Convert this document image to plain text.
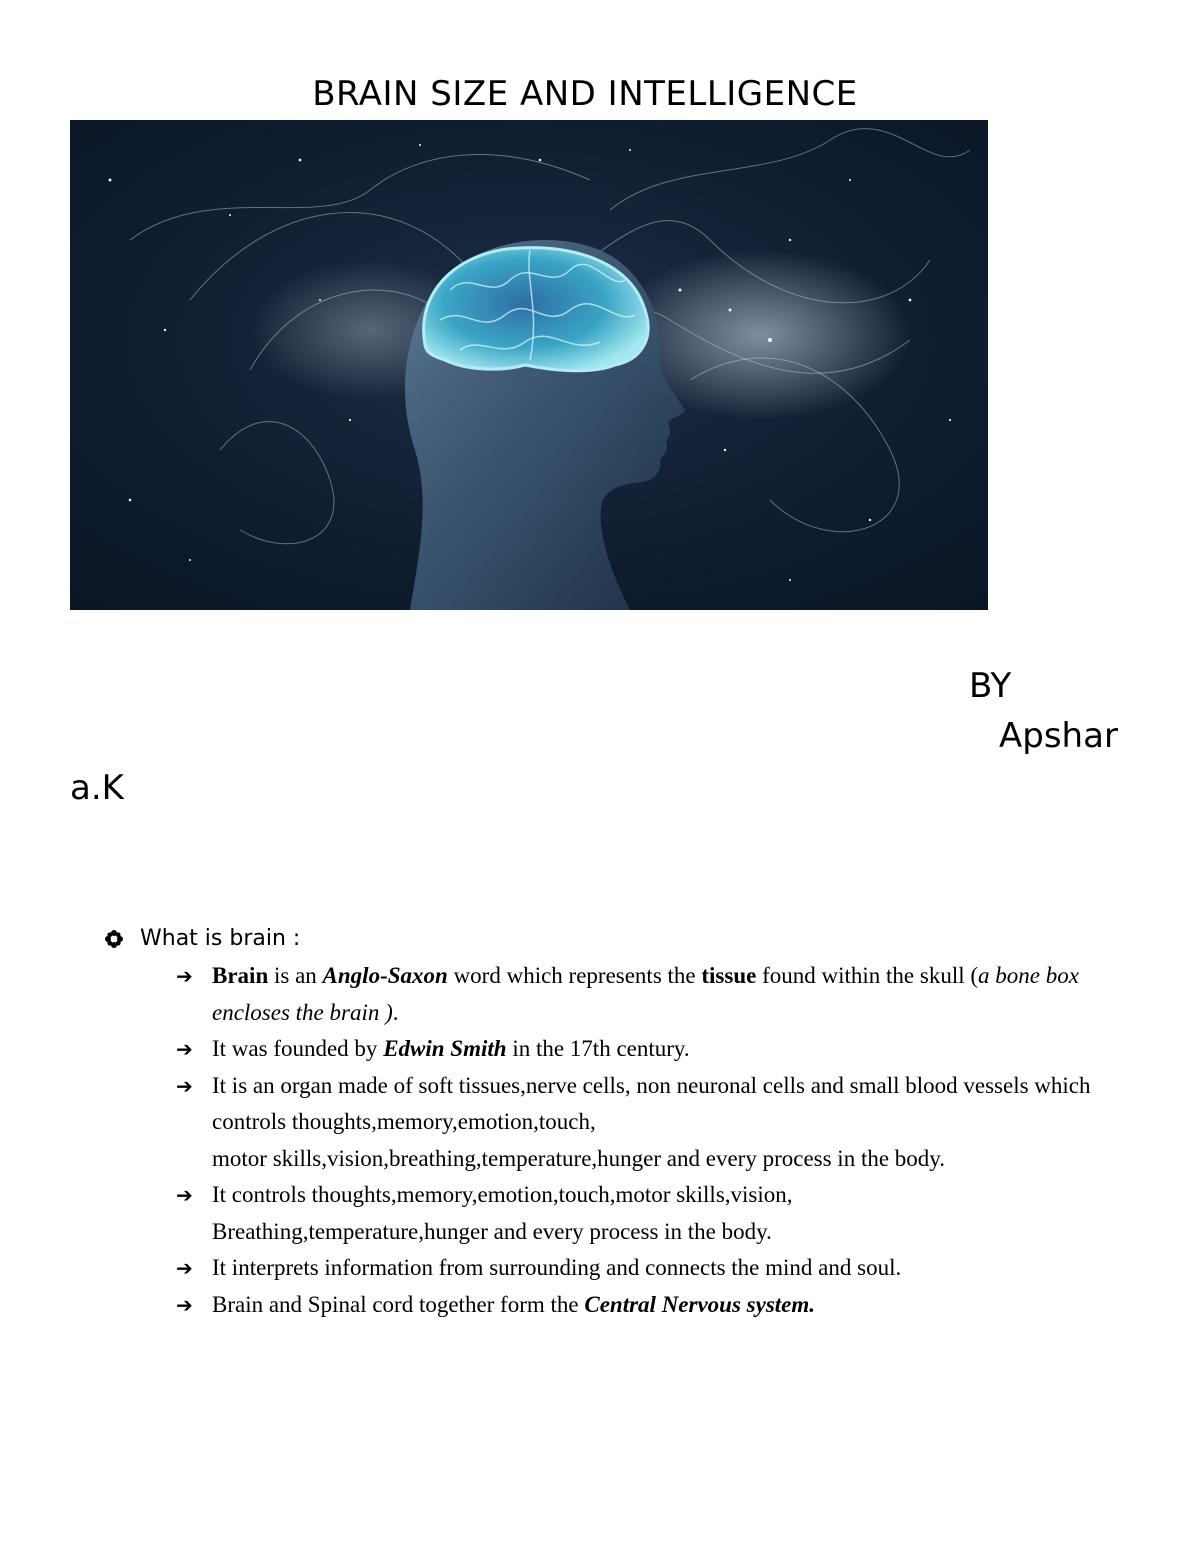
BRAIN SIZE AND INTELLIGENCE
BY
Apshar
a.K
What is brain :
➔ Brain is an Anglo-Saxon word which represents the tissue found within the skull (a bone box encloses the brain ).
➔ It was founded by Edwin Smith in the 17th century.
➔ It is an organ made of soft tissues,nerve cells, non neuronal cells and small blood vessels which controls thoughts,memory,emotion,touch,
motor skills,vision,breathing,temperature,hunger and every process in the body.
➔ It controls thoughts,memory,emotion,touch,motor skills,vision,
Breathing,temperature,hunger and every process in the body.
➔ It interprets information from surrounding and connects the mind and soul.
➔ Brain and Spinal cord together form the Central Nervous system.
